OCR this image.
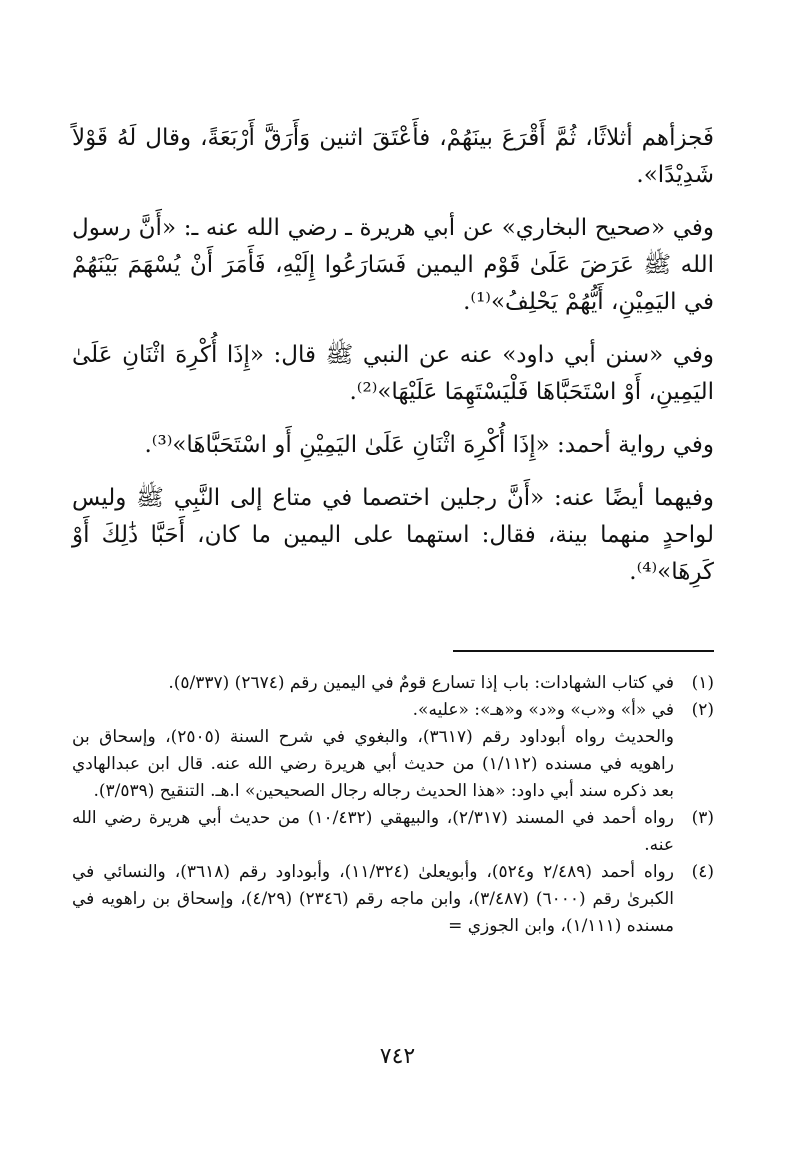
فَجزأهم أثلاثًا، ثُمَّ أَقْرَعَ بينَهُمْ، فأَعْتَقَ اثنين وَأَرَقَّ أَرْبَعَةً، وقال لَهُ قَوْلاً شَدِيْدًا».

وفي «صحيح البخاري» عن أبي هريرة ـ رضي الله عنه ـ: «أَنَّ رسول الله ﷺ عَرَضَ عَلَىٰ قَوْم اليمين فَسَارَعُوا إِلَيْهِ، فَأَمَرَ أَنْ يُسْهَمَ بَيْنَهُمْ في اليَمِيْنِ، أَيُّهُمْ يَحْلِفُ»⁽¹⁾.

وفي «سنن أبي داود» عنه عن النبي ﷺ قال: «إِذَا أُكْرِهَ اثْنَانِ عَلَىٰ اليَمِينِ، أَوْ اسْتَحَبَّاهَا فَلْيَسْتَهِمَا عَلَيْهَا»⁽²⁾.

وفي رواية أحمد: «إِذَا أُكْرِهَ اثْنَانِ عَلَىٰ اليَمِيْنِ أَو اسْتَحَبَّاهَا»⁽³⁾.

وفيهما أيضًا عنه: «أَنَّ رجلين اختصما في متاع إلى النَّبِي ﷺ وليس لواحدٍ منهما بينة، فقال: استهما على اليمين ما كان، أَحَبَّا ذَٰلِكَ أَوْ كَرِهَا»⁽⁴⁾.

(١)

في كتاب الشهادات: باب إذا تسارع قومٌ في اليمين رقم (٢٦٧٤) (٥/٣٣٧).

(٢)

في «أ» و«ب» و«د» و«هـ»: «عليه».

والحديث رواه أبوداود رقم (٣٦١٧)، والبغوي في شرح السنة (٢٥٠٥)، وإسحاق بن راهويه في مسنده (١/١١٢) من حديث أبي هريرة رضي الله عنه. قال ابن عبدالهادي بعد ذكره سند أبي داود: «هذا الحديث رجاله رجال الصحيحين» ا.هـ. التنقيح (٣/٥٣٩).

(٣)

رواه أحمد في المسند (٢/٣١٧)، والبيهقي (١٠/٤٣٢) من حديث أبي هريرة رضي الله عنه.

(٤)

رواه أحمد (٢/٤٨٩ و٥٢٤)، وأبويعلىٰ (١١/٣٢٤)، وأبوداود رقم (٣٦١٨)، والنسائي في الكبرىٰ رقم (٦٠٠٠) (٣/٤٨٧)، وابن ماجه رقم (٢٣٤٦) (٤/٢٩)، وإسحاق بن راهويه في مسنده (١/١١١)، وابن الجوزي =

٧٤٢
